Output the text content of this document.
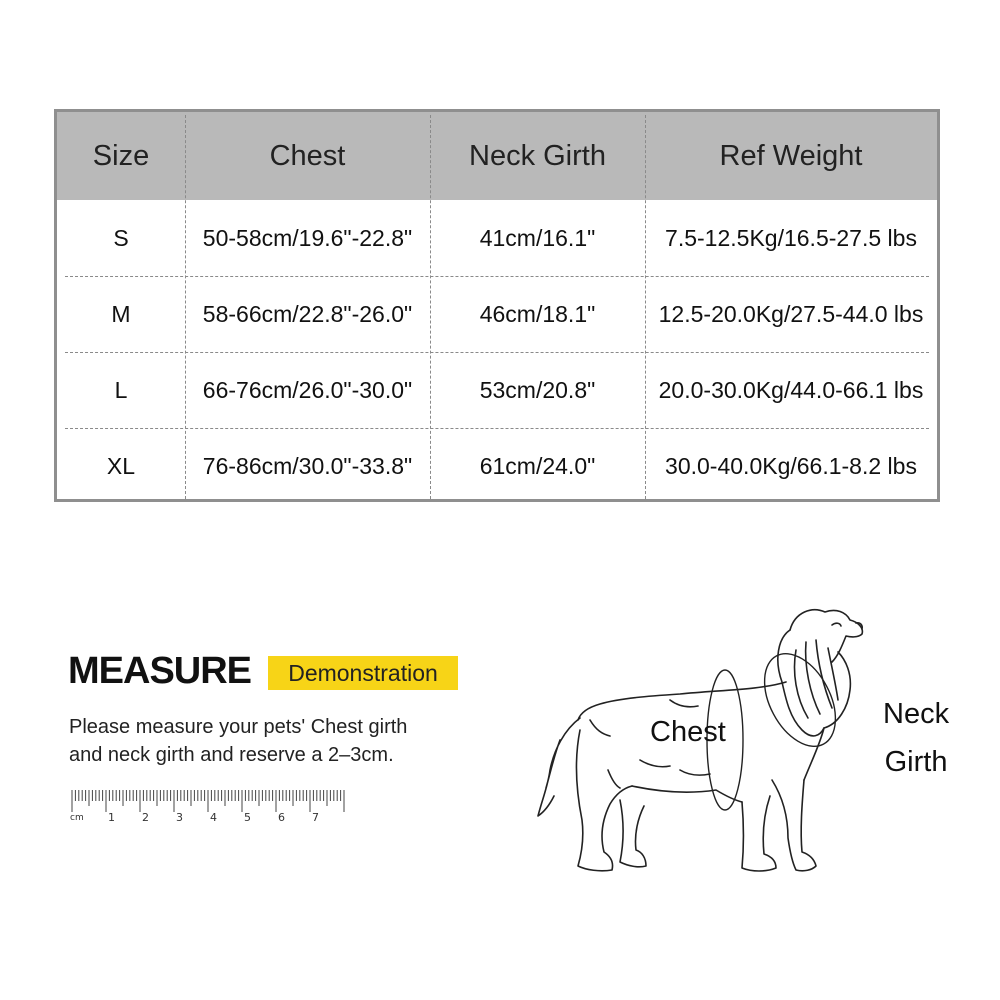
Size	Chest	Neck Girth	Ref Weight
S	50-58cm/19.6"-22.8"	41cm/16.1"	7.5-12.5Kg/16.5-27.5 lbs
M	58-66cm/22.8"-26.0"	46cm/18.1"	12.5-20.0Kg/27.5-44.0 lbs
L	66-76cm/26.0"-30.0"	53cm/20.8"	20.0-30.0Kg/44.0-66.1 lbs
XL	76-86cm/30.0"-33.8"	61cm/24.0"	30.0-40.0Kg/66.1-8.2 lbs
MEASURE	Demonstration
Please measure your pets' Chest girth
and neck girth and reserve a 2–3cm.
cm 1 2 3 4 5 6 7
Chest
Neck
Girth
